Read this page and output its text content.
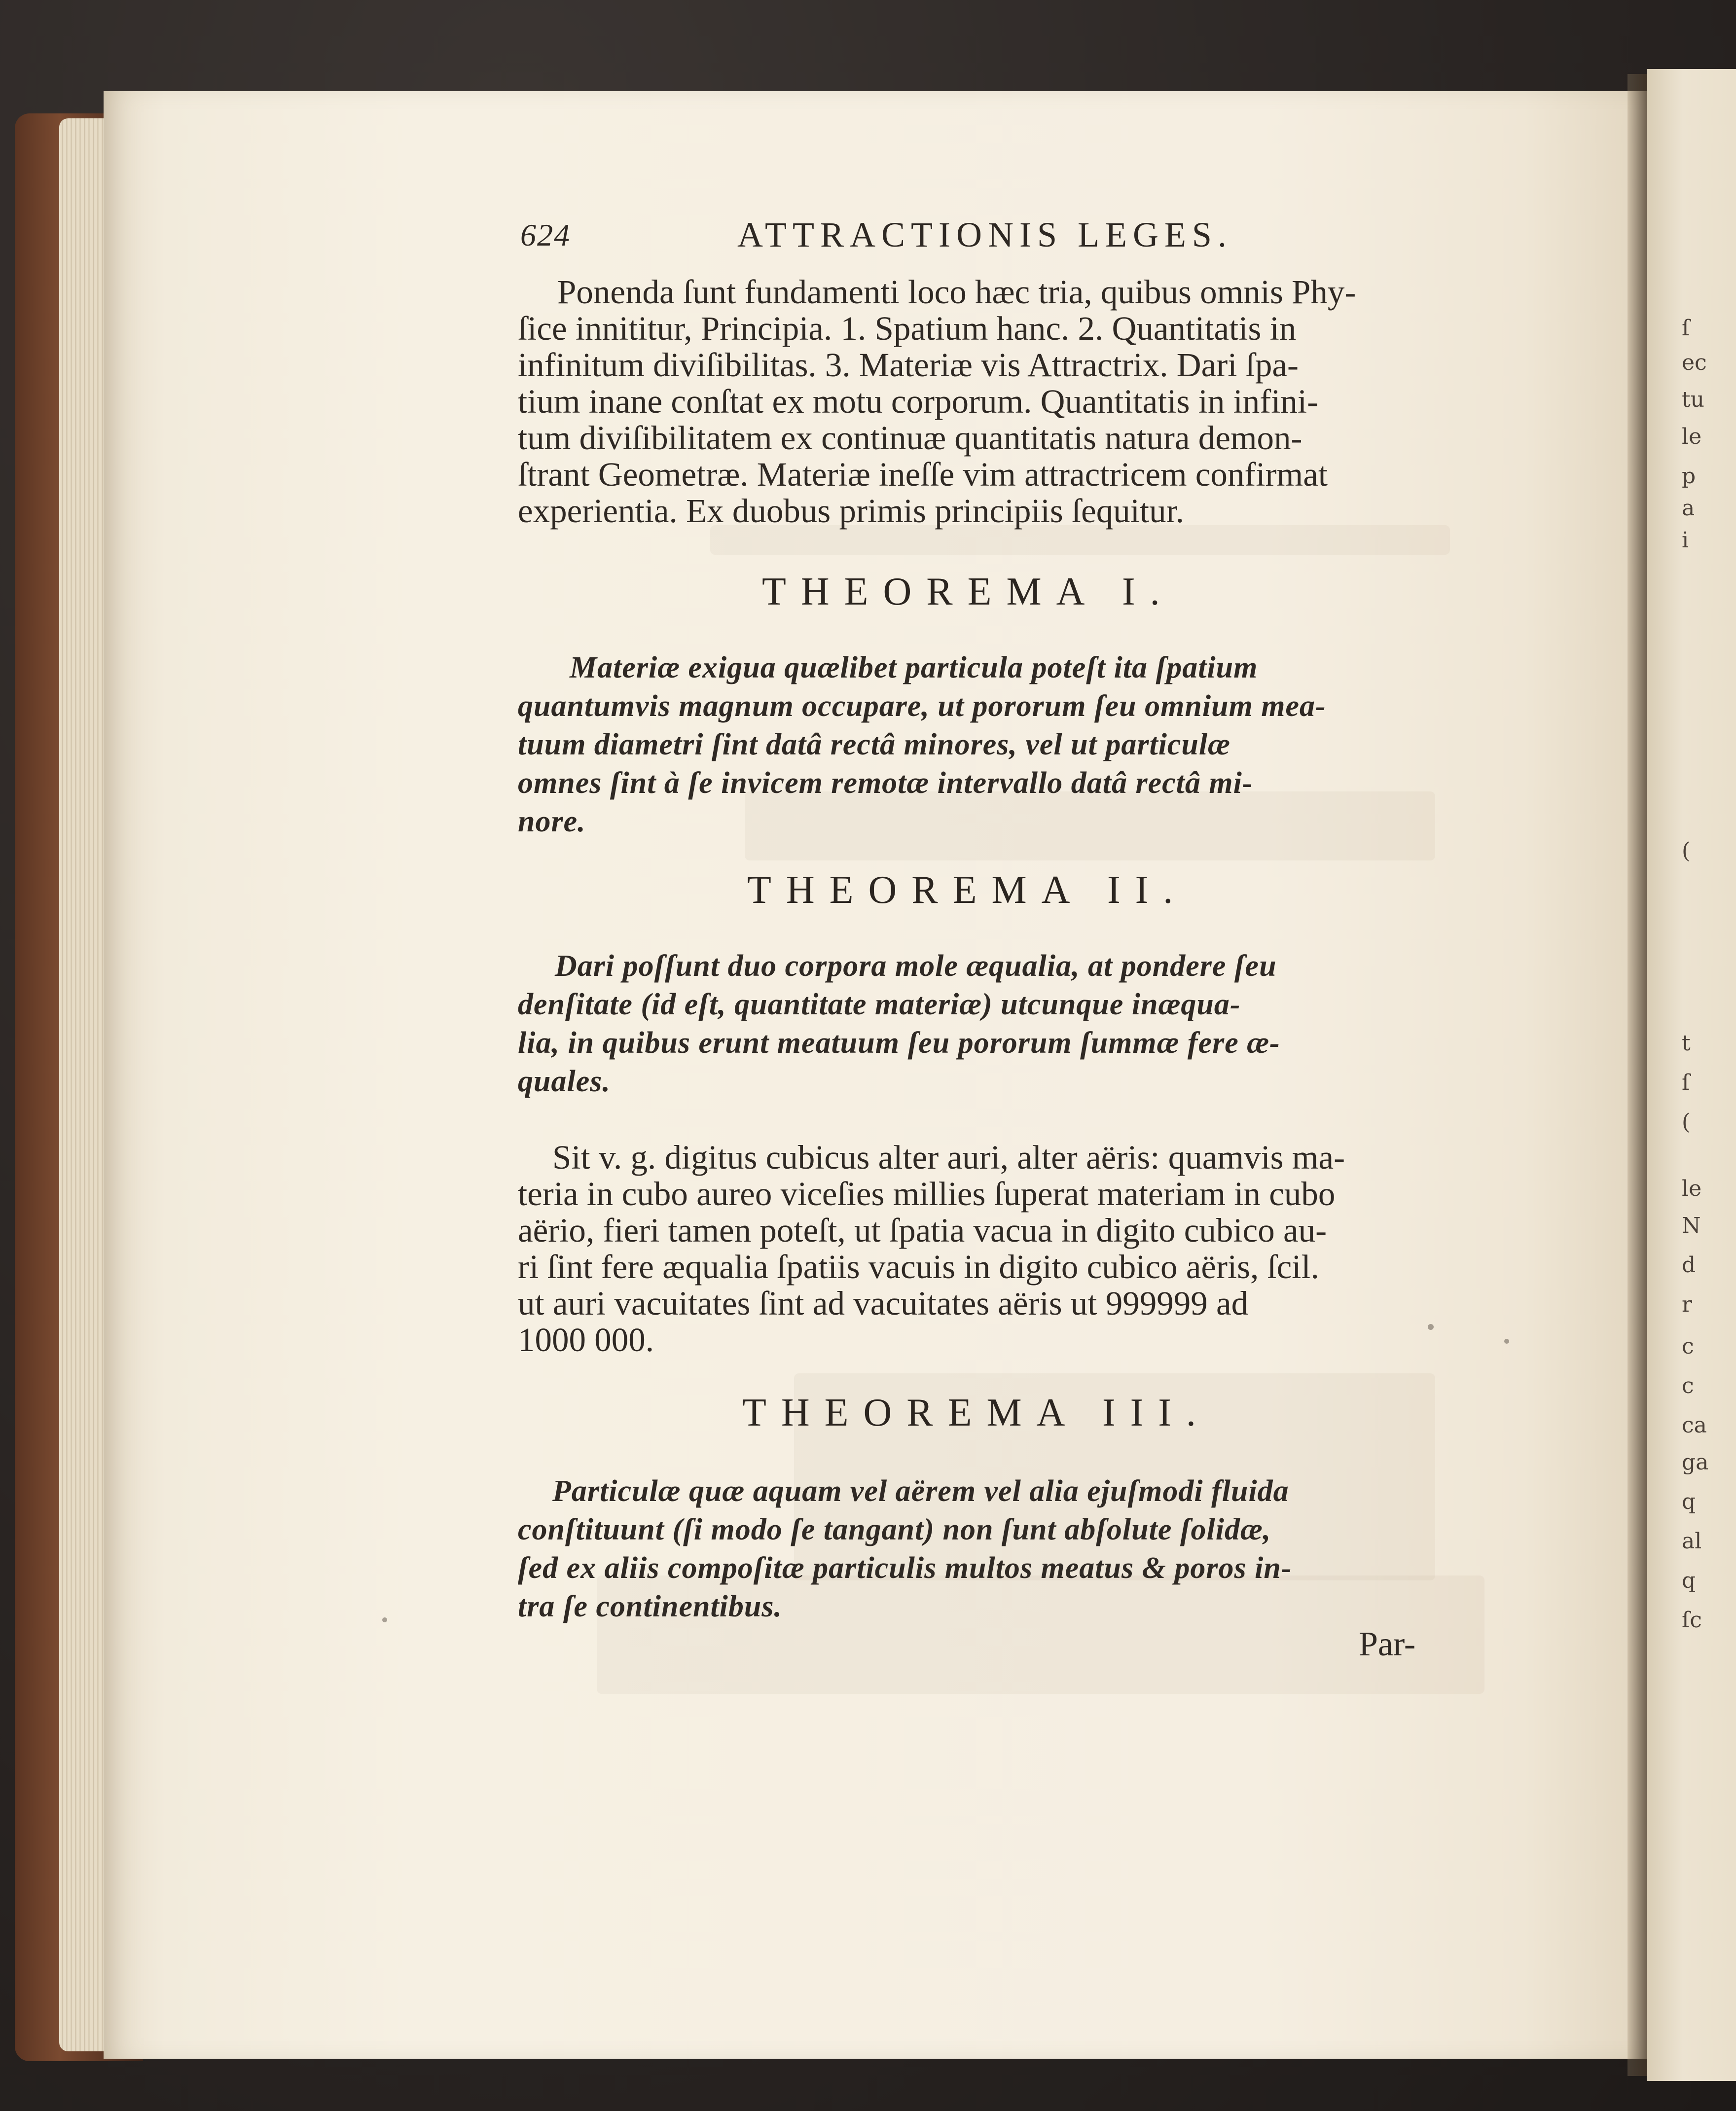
ſ
ec
tu
le
p
a
i
(
t
ſ
(
le
N
d
r
c
c
ca
ga
q
al
q
ſc
624	ATTRACTIONIS LEGES.

Ponenda ſunt fundamenti loco hæc tria, quibus omnis Phy-

ſice innititur, Principia. 1. Spatium hanc. 2. Quantitatis in

infinitum diviſibilitas. 3. Materiæ vis Attractrix. Dari ſpa-

tium inane conſtat ex motu corporum. Quantitatis in infini-

tum diviſibilitatem ex continuæ quantitatis natura demon-

ſtrant Geometræ. Materiæ ineſſe vim attractricem confirmat

experientia. Ex duobus primis principiis ſequitur.

THEOREMA I.

Materiæ exigua quælibet particula poteſt ita ſpatium

quantumvis magnum occupare, ut pororum ſeu omnium mea-

tuum diametri ſint datâ rectâ minores, vel ut particulæ

omnes ſint à ſe invicem remotæ intervallo datâ rectâ mi-

nore.

THEOREMA II.

Dari poſſunt duo corpora mole æqualia, at pondere ſeu

denſitate (id eſt, quantitate materiæ) utcunque inæqua-

lia, in quibus erunt meatuum ſeu pororum ſummæ fere æ-

quales.

Sit v. g. digitus cubicus alter auri, alter aëris: quamvis ma-

teria in cubo aureo viceſies millies ſuperat materiam in cubo

aërio, fieri tamen poteſt, ut ſpatia vacua in digito cubico au-

ri ſint fere æqualia ſpatiis vacuis in digito cubico aëris, ſcil.

ut auri vacuitates ſint ad vacuitates aëris ut 999999 ad

1000 000.

THEOREMA III.

Particulæ quæ aquam vel aërem vel alia ejuſmodi fluida

conſtituunt (ſi modo ſe tangant) non ſunt abſolute ſolidæ,

ſed ex aliis compoſitæ particulis multos meatus & poros in-

tra ſe continentibus.

Par-
